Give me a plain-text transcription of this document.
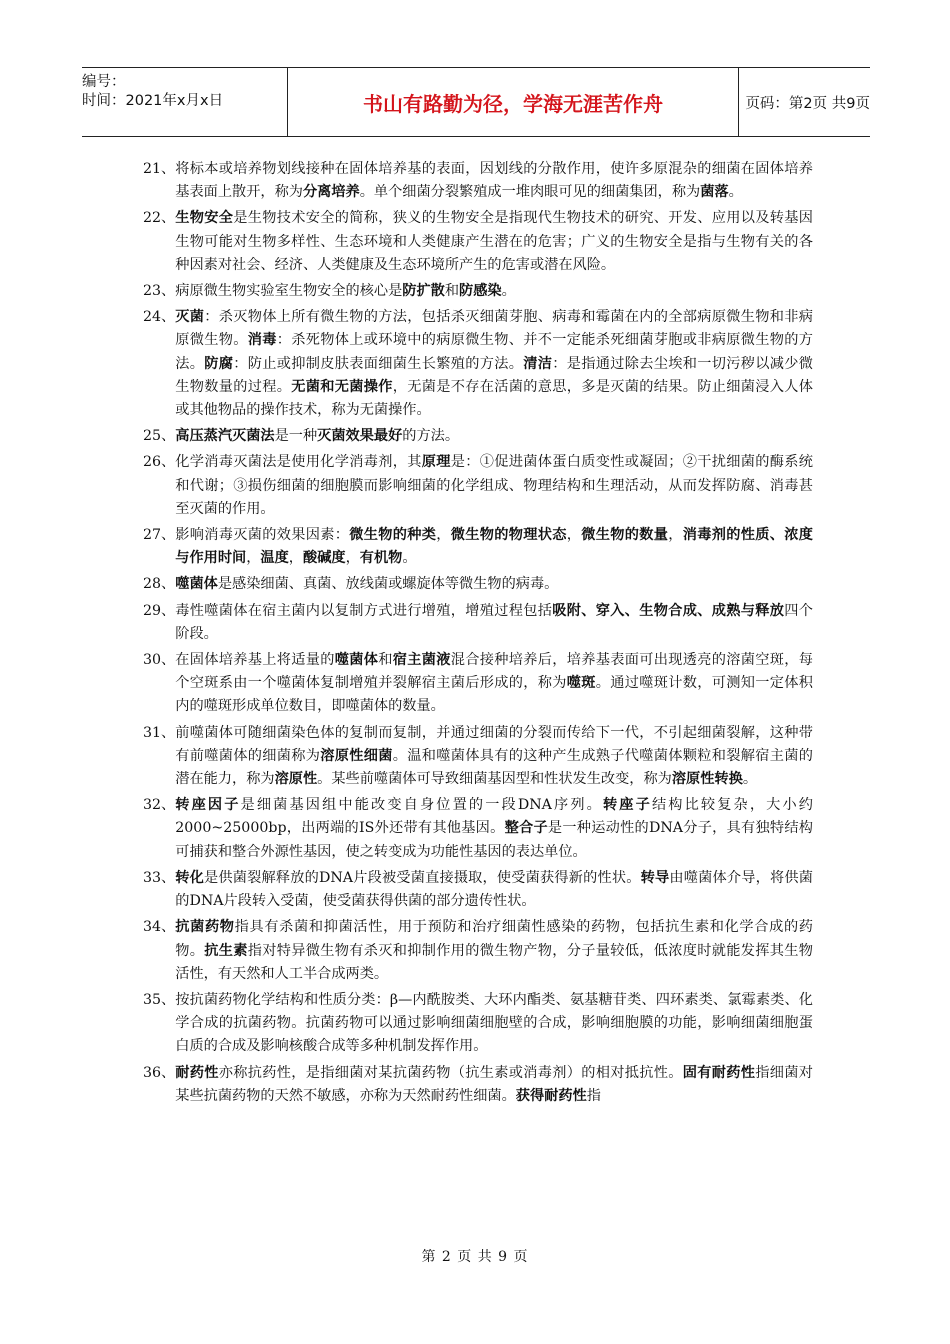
编号：
时间：2021年x月x日	书山有路勤为径，学海无涯苦作舟	页码：第2页 共9页
21、 将标本或培养物划线接种在固体培养基的表面，因划线的分散作用，使许多原混杂的细菌在固体培养基表面上散开，称为分离培养。单个细菌分裂繁殖成一堆肉眼可见的细菌集团，称为菌落。
22、 生物安全是生物技术安全的简称，狭义的生物安全是指现代生物技术的研究、开发、应用以及转基因生物可能对生物多样性、生态环境和人类健康产生潜在的危害；广义的生物安全是指与生物有关的各种因素对社会、经济、人类健康及生态环境所产生的危害或潜在风险。
23、 病原微生物实验室生物安全的核心是防扩散和防感染。
24、 灭菌：杀灭物体上所有微生物的方法，包括杀灭细菌芽胞、病毒和霉菌在内的全部病原微生物和非病原微生物。消毒：杀死物体上或环境中的病原微生物、并不一定能杀死细菌芽胞或非病原微生物的方法。防腐：防止或抑制皮肤表面细菌生长繁殖的方法。清洁：是指通过除去尘埃和一切污秽以减少微生物数量的过程。无菌和无菌操作，无菌是不存在活菌的意思，多是灭菌的结果。防止细菌浸入人体或其他物品的操作技术，称为无菌操作。
25、 高压蒸汽灭菌法是一种灭菌效果最好的方法。
26、 化学消毒灭菌法是使用化学消毒剂，其原理是：①促进菌体蛋白质变性或凝固；②干扰细菌的酶系统和代谢；③损伤细菌的细胞膜而影响细菌的化学组成、物理结构和生理活动，从而发挥防腐、消毒甚至灭菌的作用。
27、 影响消毒灭菌的效果因素：微生物的种类，微生物的物理状态，微生物的数量，消毒剂的性质、浓度与作用时间，温度，酸碱度，有机物。
28、 噬菌体是感染细菌、真菌、放线菌或螺旋体等微生物的病毒。
29、 毒性噬菌体在宿主菌内以复制方式进行增殖，增殖过程包括吸附、穿入、生物合成、成熟与释放四个阶段。
30、 在固体培养基上将适量的噬菌体和宿主菌液混合接种培养后，培养基表面可出现透亮的溶菌空斑，每个空斑系由一个噬菌体复制增殖并裂解宿主菌后形成的，称为噬斑。通过噬斑计数，可测知一定体积内的噬斑形成单位数目，即噬菌体的数量。
31、 前噬菌体可随细菌染色体的复制而复制，并通过细菌的分裂而传给下一代，不引起细菌裂解，这种带有前噬菌体的细菌称为溶原性细菌。温和噬菌体具有的这种产生成熟子代噬菌体颗粒和裂解宿主菌的潜在能力，称为溶原性。某些前噬菌体可导致细菌基因型和性状发生改变，称为溶原性转换。
32、 转座因子是细菌基因组中能改变自身位置的一段DNA序列。转座子结构比较复杂，大小约2000~25000bp，出两端的IS外还带有其他基因。整合子是一种运动性的DNA分子，具有独特结构可捕获和整合外源性基因，使之转变成为功能性基因的表达单位。
33、 转化是供菌裂解释放的DNA片段被受菌直接摄取，使受菌获得新的性状。转导由噬菌体介导，将供菌的DNA片段转入受菌，使受菌获得供菌的部分遗传性状。
34、 抗菌药物指具有杀菌和抑菌活性，用于预防和治疗细菌性感染的药物，包括抗生素和化学合成的药物。抗生素指对特异微生物有杀灭和抑制作用的微生物产物，分子量较低，低浓度时就能发挥其生物活性，有天然和人工半合成两类。
35、 按抗菌药物化学结构和性质分类：β—内酰胺类、大环内酯类、氨基糖苷类、四环素类、氯霉素类、化学合成的抗菌药物。抗菌药物可以通过影响细菌细胞壁的合成，影响细胞膜的功能，影响细菌细胞蛋白质的合成及影响核酸合成等多种机制发挥作用。
36、 耐药性亦称抗药性，是指细菌对某抗菌药物（抗生素或消毒剂）的相对抵抗性。固有耐药性指细菌对某些抗菌药物的天然不敏感，亦称为天然耐药性细菌。获得耐药性指
第 2 页 共 9 页
